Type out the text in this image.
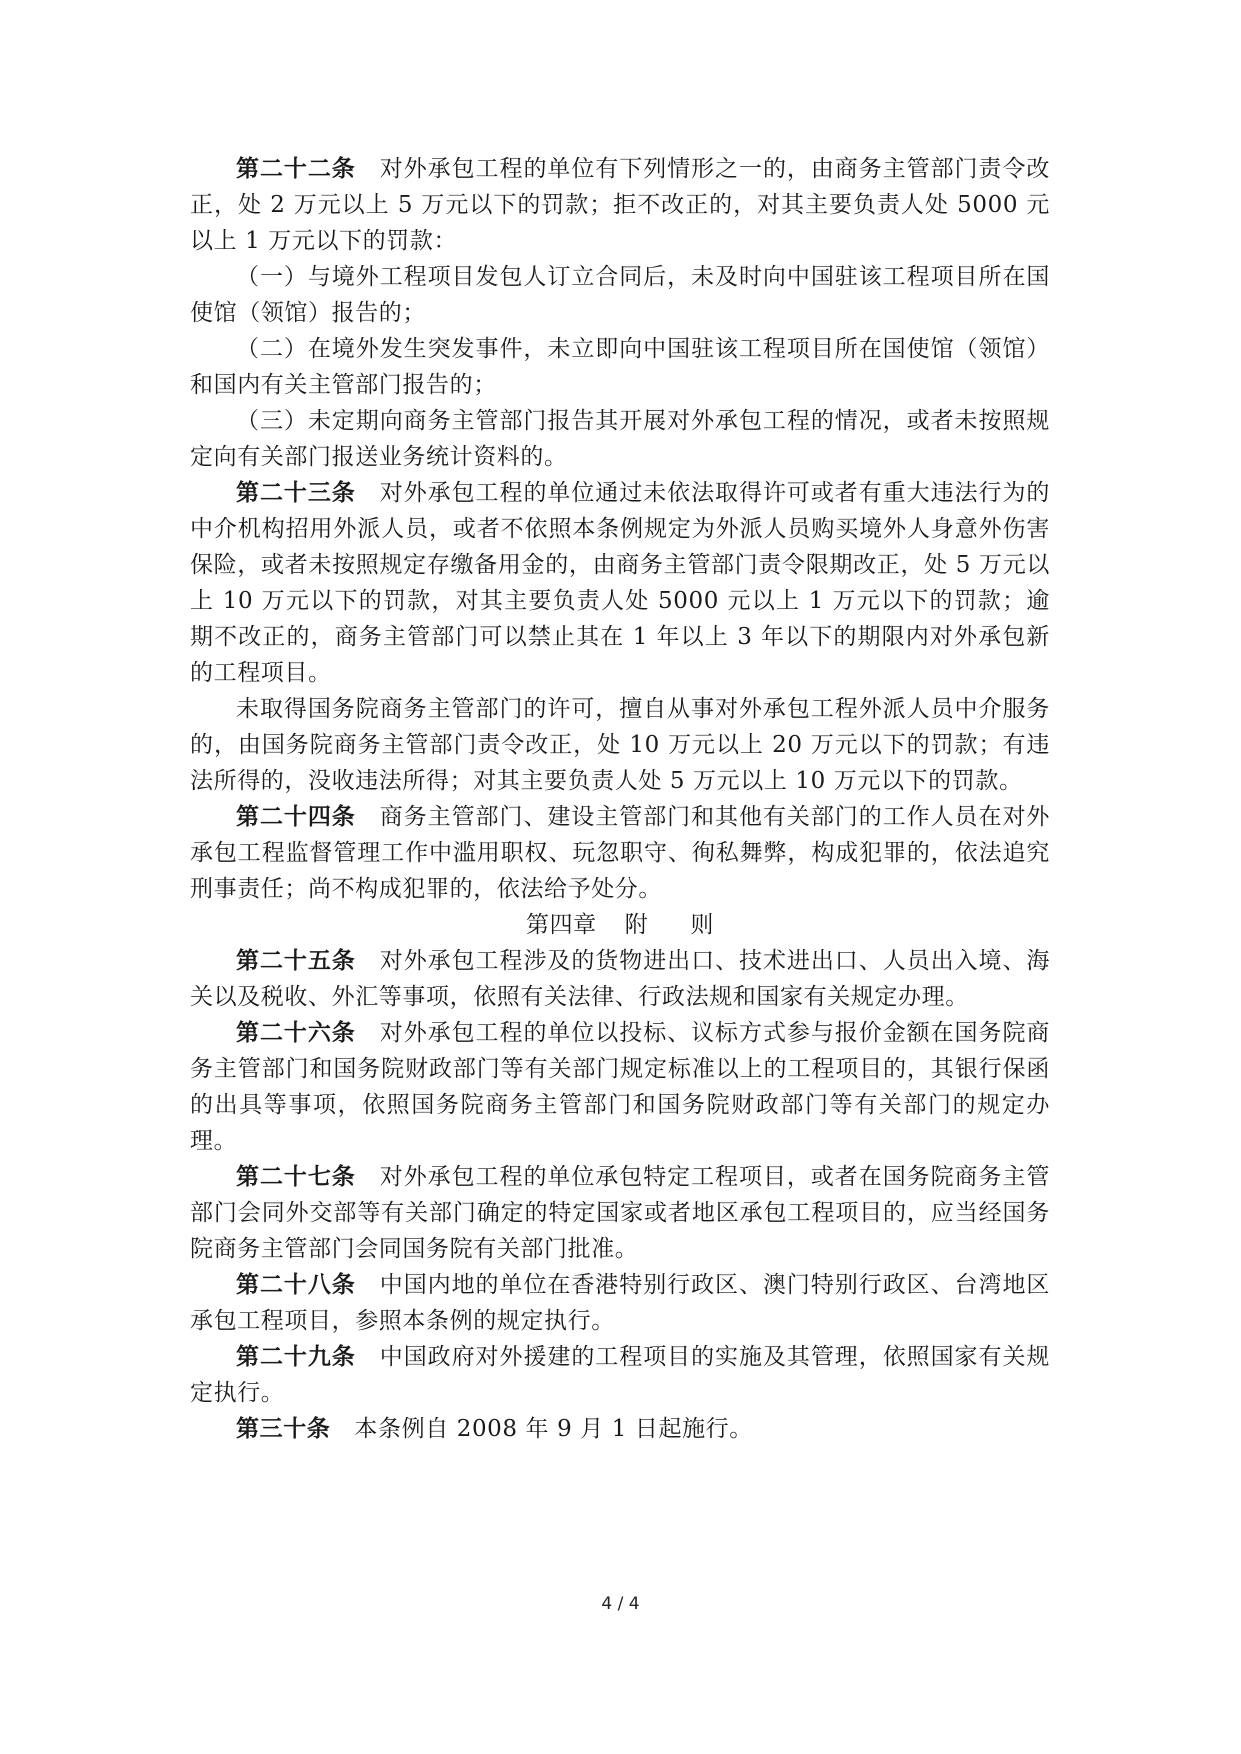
第二十二条 对外承包工程的单位有下列情形之一的，由商务主管部门责令改正，处 2 万元以上 5 万元以下的罚款；拒不改正的，对其主要负责人处 5000 元以上 1 万元以下的罚款：

（一）与境外工程项目发包人订立合同后，未及时向中国驻该工程项目所在国使馆（领馆）报告的；

（二）在境外发生突发事件，未立即向中国驻该工程项目所在国使馆（领馆）和国内有关主管部门报告的；

（三）未定期向商务主管部门报告其开展对外承包工程的情况，或者未按照规定向有关部门报送业务统计资料的。

第二十三条 对外承包工程的单位通过未依法取得许可或者有重大违法行为的中介机构招用外派人员，或者不依照本条例规定为外派人员购买境外人身意外伤害保险，或者未按照规定存缴备用金的，由商务主管部门责令限期改正，处 5 万元以上 10 万元以下的罚款，对其主要负责人处 5000 元以上 1 万元以下的罚款；逾期不改正的，商务主管部门可以禁止其在 1 年以上 3 年以下的期限内对外承包新的工程项目。

未取得国务院商务主管部门的许可，擅自从事对外承包工程外派人员中介服务的，由国务院商务主管部门责令改正，处 10 万元以上 20 万元以下的罚款；有违法所得的，没收违法所得；对其主要负责人处 5 万元以上 10 万元以下的罚款。

第二十四条 商务主管部门、建设主管部门和其他有关部门的工作人员在对外承包工程监督管理工作中滥用职权、玩忽职守、徇私舞弊，构成犯罪的，依法追究刑事责任；尚不构成犯罪的，依法给予处分。

第四章 附 则

第二十五条 对外承包工程涉及的货物进出口、技术进出口、人员出入境、海关以及税收、外汇等事项，依照有关法律、行政法规和国家有关规定办理。

第二十六条 对外承包工程的单位以投标、议标方式参与报价金额在国务院商务主管部门和国务院财政部门等有关部门规定标准以上的工程项目的，其银行保函的出具等事项，依照国务院商务主管部门和国务院财政部门等有关部门的规定办理。

第二十七条 对外承包工程的单位承包特定工程项目，或者在国务院商务主管部门会同外交部等有关部门确定的特定国家或者地区承包工程项目的，应当经国务院商务主管部门会同国务院有关部门批准。

第二十八条 中国内地的单位在香港特别行政区、澳门特别行政区、台湾地区承包工程项目，参照本条例的规定执行。

第二十九条 中国政府对外援建的工程项目的实施及其管理，依照国家有关规定执行。

第三十条 本条例自 2008 年 9 月 1 日起施行。

4 / 4
